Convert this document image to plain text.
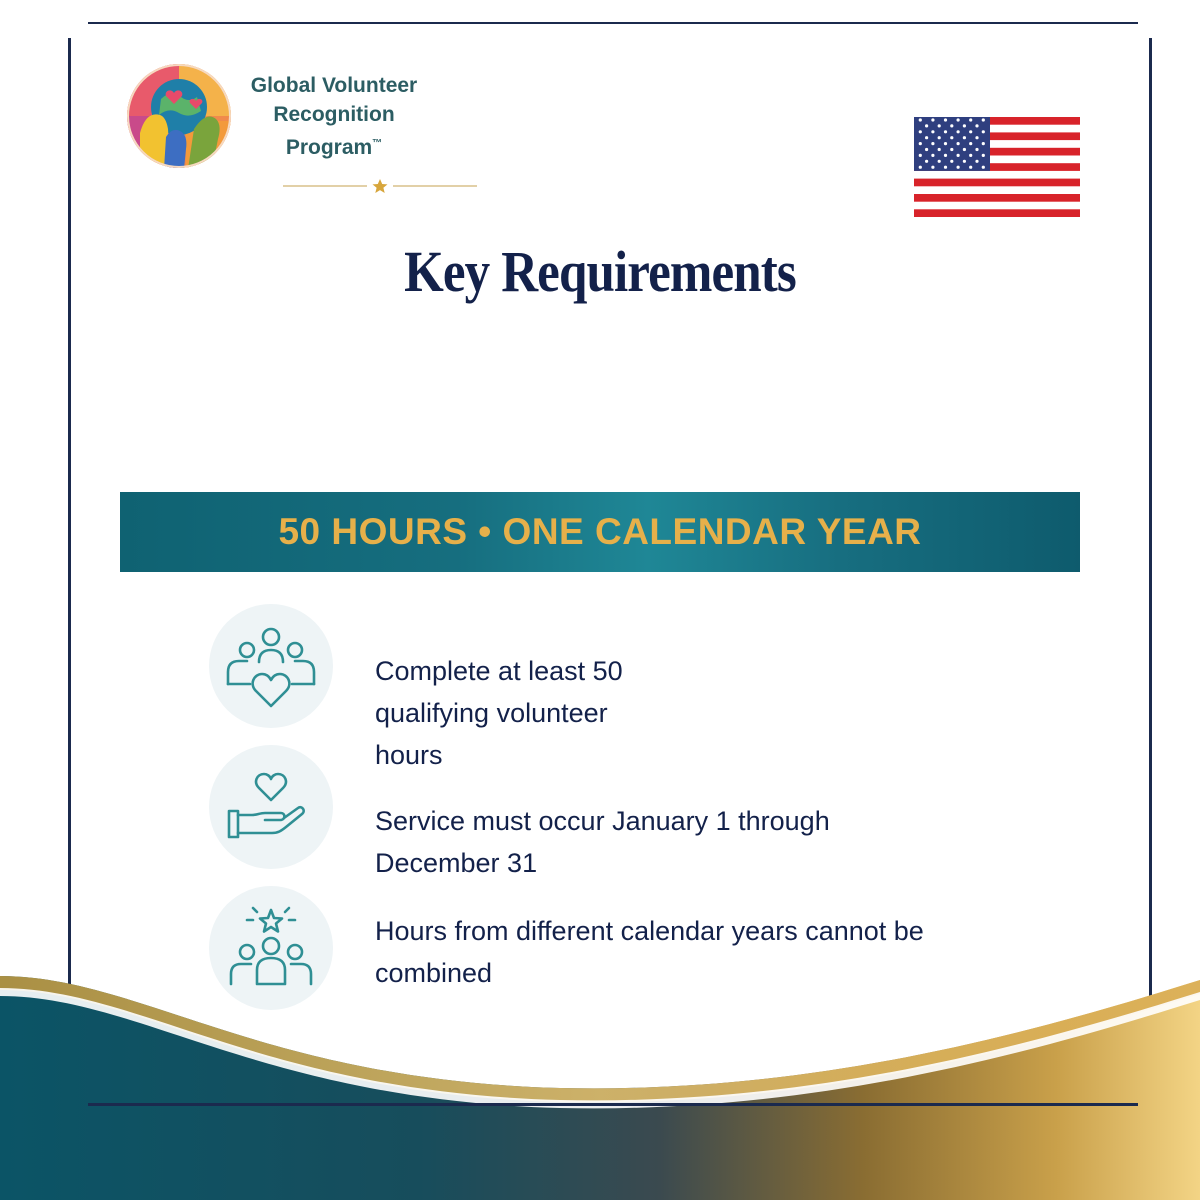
Global Volunteer
Recognition
Program™
Key Requirements
50 HOURS • ONE CALENDAR YEAR
Complete at least 50 qualifying volunteer hours
Service must occur January 1 through December 31
Hours from different calendar years cannot be combined
